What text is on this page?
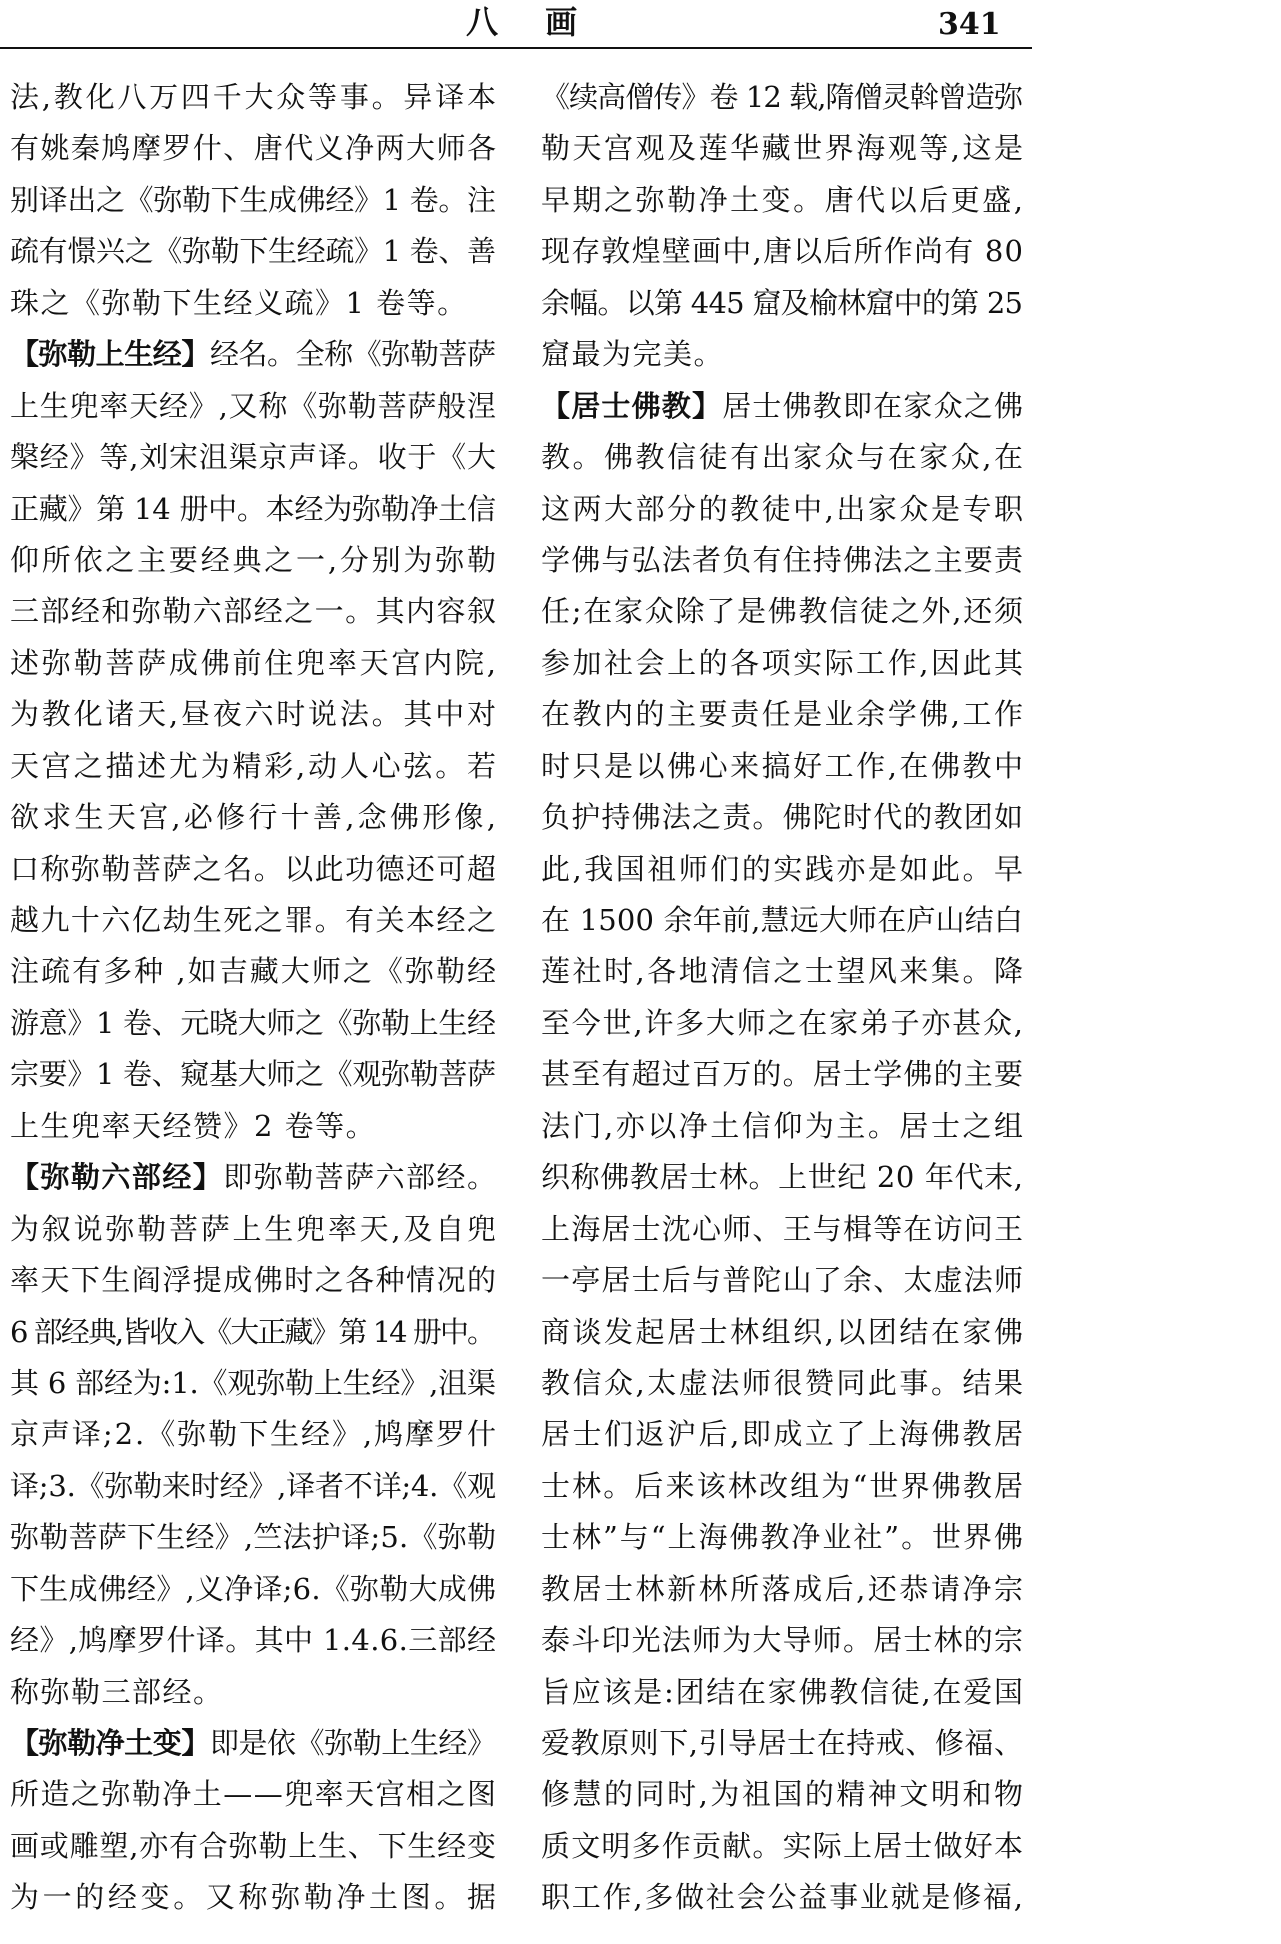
八 画	341
法,教化八万四千大众等事。异译本
有姚秦鸠摩罗什、唐代义净两大师各
别译出之《弥勒下生成佛经》1 卷。注
疏有憬兴之《弥勒下生经疏》1 卷、善
珠之《弥勒下生经义疏》1 卷等。
【弥勒上生经】经名。全称《弥勒菩萨
上生兜率天经》,又称《弥勒菩萨般涅
槃经》等,刘宋沮渠京声译。收于《大
正藏》第 14 册中。本经为弥勒净土信
仰所依之主要经典之一,分别为弥勒
三部经和弥勒六部经之一。其内容叙
述弥勒菩萨成佛前住兜率天宫内院,
为教化诸天,昼夜六时说法。其中对
天宫之描述尤为精彩,动人心弦。若
欲求生天宫,必修行十善,念佛形像,
口称弥勒菩萨之名。以此功德还可超
越九十六亿劫生死之罪。有关本经之
注疏有多种 ,如吉藏大师之《弥勒经
游意》1 卷、元晓大师之《弥勒上生经
宗要》1 卷、窥基大师之《观弥勒菩萨
上生兜率天经赞》2 卷等。
【弥勒六部经】即弥勒菩萨六部经。
为叙说弥勒菩萨上生兜率天,及自兜
率天下生阎浮提成佛时之各种情况的
6 部经典,皆收入《大正藏》第 14 册中。
其 6 部经为:1.《观弥勒上生经》,沮渠
京声译;2.《弥勒下生经》,鸠摩罗什
译;3.《弥勒来时经》,译者不详;4.《观
弥勒菩萨下生经》,竺法护译;5.《弥勒
下生成佛经》,义净译;6.《弥勒大成佛
经》,鸠摩罗什译。其中 1.4.6.三部经
称弥勒三部经。
【弥勒净土变】即是依《弥勒上生经》
所造之弥勒净土——兜率天宫相之图
画或雕塑,亦有合弥勒上生、下生经变
为一的经变。又称弥勒净土图。据
《续高僧传》卷 12 载,隋僧灵斡曾造弥
勒天宫观及莲华藏世界海观等,这是
早期之弥勒净土变。唐代以后更盛,
现存敦煌壁画中,唐以后所作尚有 80
余幅。以第 445 窟及榆林窟中的第 25
窟最为完美。
【居士佛教】居士佛教即在家众之佛
教。佛教信徒有出家众与在家众,在
这两大部分的教徒中,出家众是专职
学佛与弘法者负有住持佛法之主要责
任;在家众除了是佛教信徒之外,还须
参加社会上的各项实际工作,因此其
在教内的主要责任是业余学佛,工作
时只是以佛心来搞好工作,在佛教中
负护持佛法之责。佛陀时代的教团如
此,我国祖师们的实践亦是如此。早
在 1500 余年前,慧远大师在庐山结白
莲社时,各地清信之士望风来集。降
至今世,许多大师之在家弟子亦甚众,
甚至有超过百万的。居士学佛的主要
法门,亦以净土信仰为主。居士之组
织称佛教居士林。上世纪 20 年代末,
上海居士沈心师、王与楫等在访问王
一亭居士后与普陀山了余、太虚法师
商谈发起居士林组织,以团结在家佛
教信众,太虚法师很赞同此事。结果
居士们返沪后,即成立了上海佛教居
士林。后来该林改组为“世界佛教居
士林”与“上海佛教净业社”。世界佛
教居士林新林所落成后,还恭请净宗
泰斗印光法师为大导师。居士林的宗
旨应该是:团结在家佛教信徒,在爱国
爱教原则下,引导居士在持戒、修福、
修慧的同时,为祖国的精神文明和物
质文明多作贡献。实际上居士做好本
职工作,多做社会公益事业就是修福,
